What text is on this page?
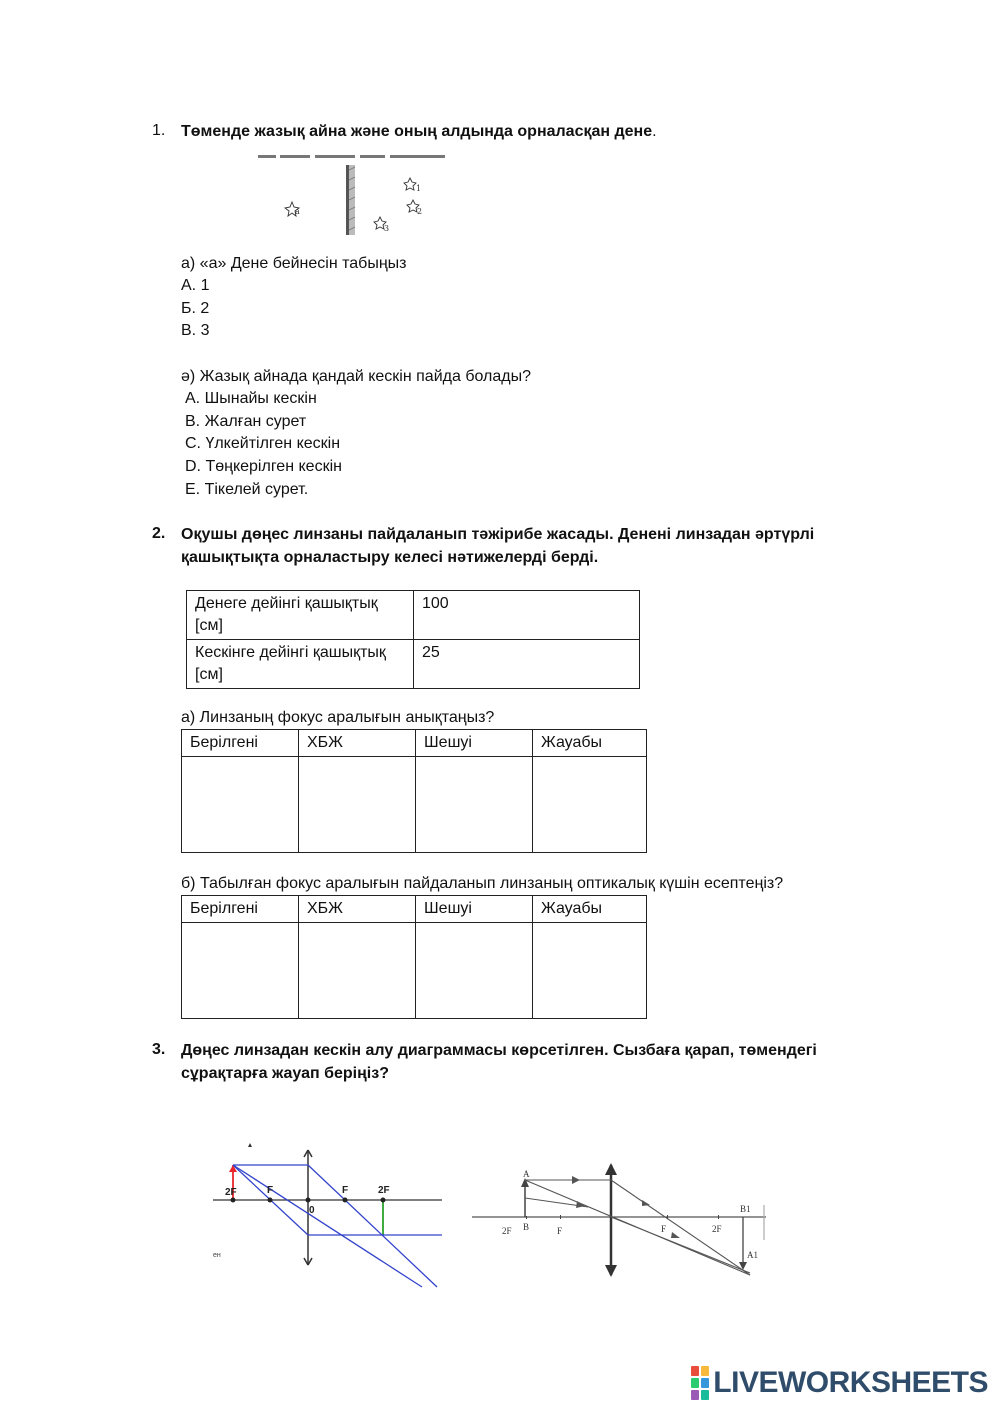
1. Төменде жазық айна және оның алдында орналасқан дене.
a
1
2
3
а) «а» Дене бейнесін табыңыз
А. 1
Б. 2
В. 3
ә) Жазық айнада қандай кескін пайда болады?
A. Шынайы кескін
B. Жалған сурет
C. Үлкейтілген кескін
D. Төңкерілген кескін
E. Тікелей сурет.
2. Оқушы дөңес линзаны пайдаланып тәжірибе жасады. Денені линзадан әртүрлі қашықтықта орналастыру келесі нәтижелерді берді.
Денеге дейінгі қашықтық [см]	100
Кескінге дейінгі қашықтық [см]	25
а) Линзаның фокус аралығын анықтаңыз?
Берілгені	ХБЖ	Шешуі	Жауабы

б) Табылған фокус аралығын пайдаланып линзаның оптикалық күшін есептеңіз?
Берілгені	ХБЖ	Шешуі	Жауабы

3. Дөңес линзадан кескін алу диаграммасы көрсетілген. Сызбаға қарап, төмендегі сұрақтарға жауап беріңіз?
2F	F
0
F	2F
ен
A
B
2F	F	F	2F
B1
A1
LIVEWORKSHEETS
